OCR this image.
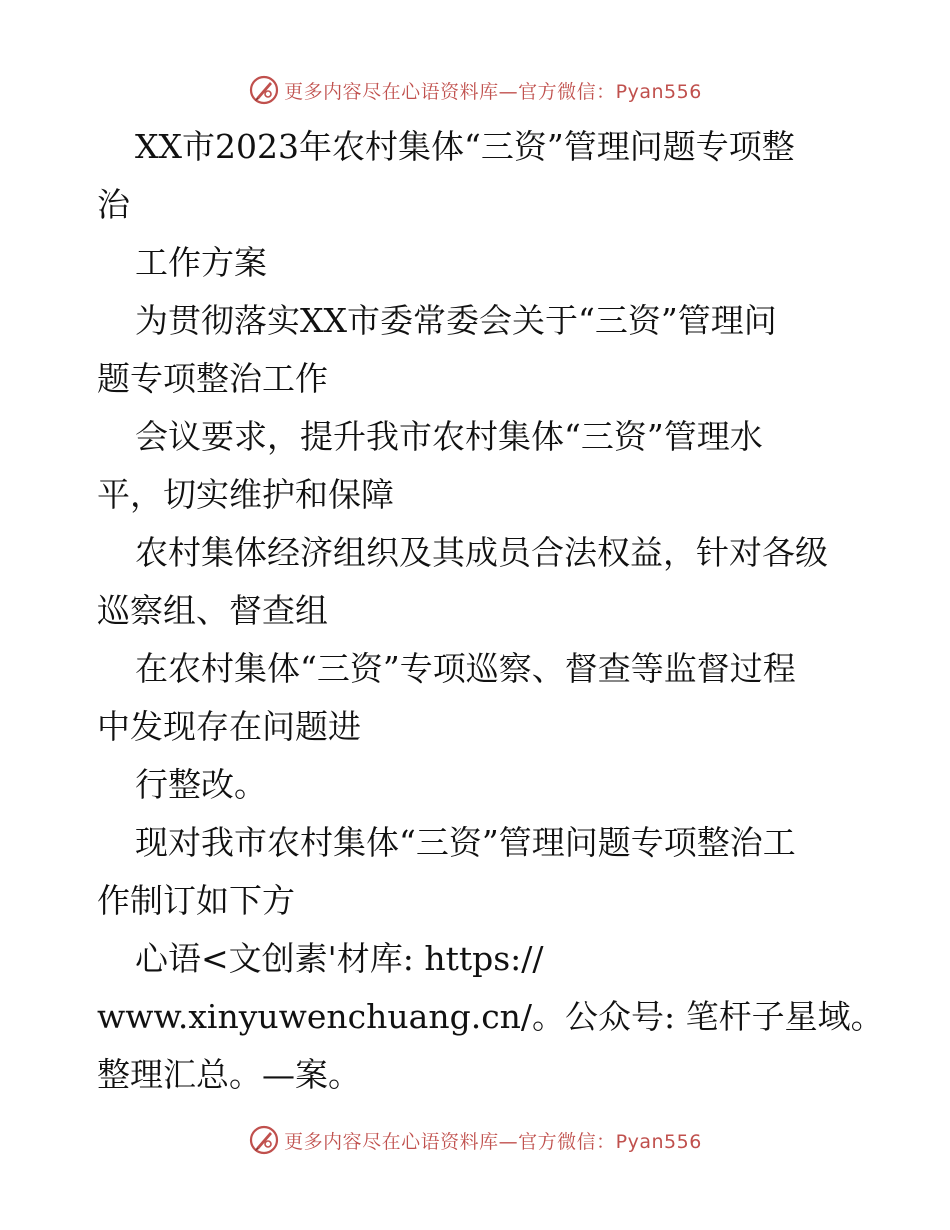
更多内容尽在心语资料库—官方微信：Pyan556
XX市2023年农村集体“三资”管理问题专项整
治
工作方案
为贯彻落实XX市委常委会关于“三资”管理问
题专项整治工作
会议要求，提升我市农村集体“三资”管理水
平，切实维护和保障
农村集体经济组织及其成员合法权益，针对各级
巡察组、督查组
在农村集体“三资”专项巡察、督查等监督过程
中发现存在问题进
行整改。
现对我市农村集体“三资”管理问题专项整治工
作制订如下方
心语<文创素'材库: https://
www.xinyuwenchuang.cn/。公众号: 笔杆子星域。
整理汇总。—案。
更多内容尽在心语资料库—官方微信：Pyan556
